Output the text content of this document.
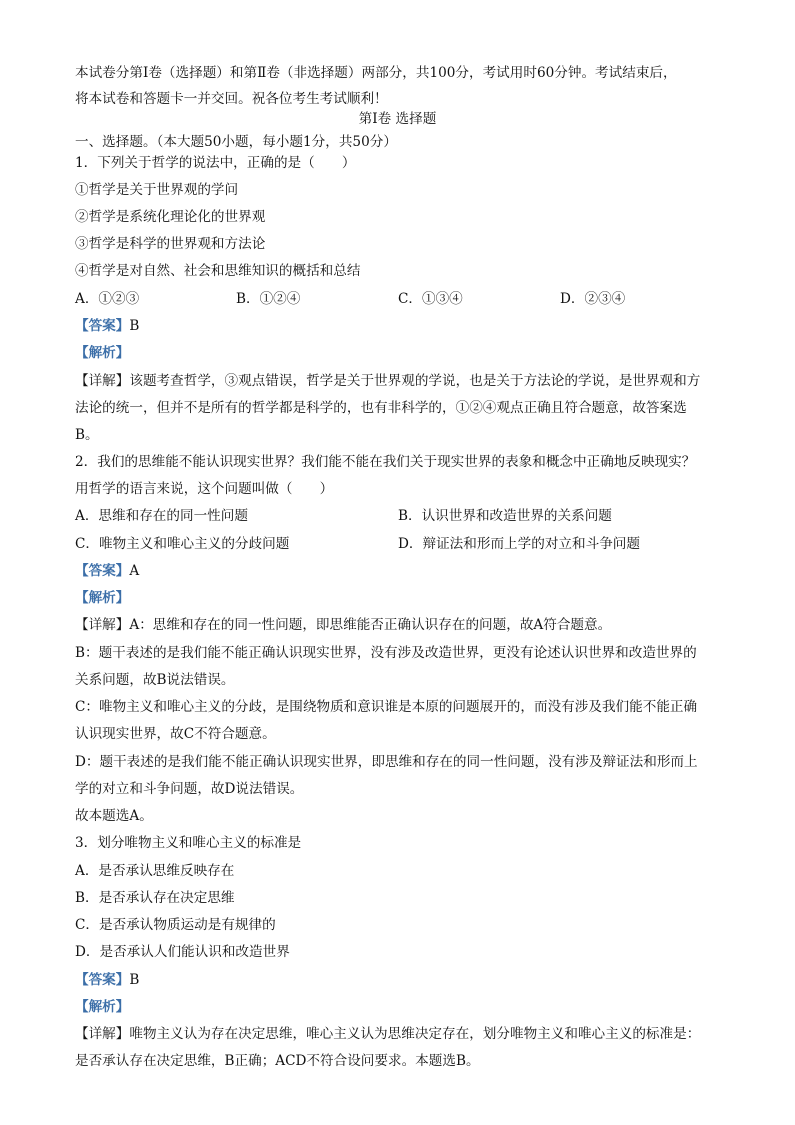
本试卷分第Ⅰ卷（选择题）和第Ⅱ卷（非选择题）两部分，共100分，考试用时60分钟。考试结束后，
将本试卷和答题卡一并交回。祝各位考生考试顺利！
第Ⅰ卷 选择题
一、选择题。（本大题50小题，每小题1分，共50分）
1．下列关于哲学的说法中，正确的是（　　）
①哲学是关于世界观的学问
②哲学是系统化理论化的世界观
③哲学是科学的世界观和方法论
④哲学是对自然、社会和思维知识的概括和总结
A．①②③	B．①②④	C．①③④	D．②③④
【答案】B
【解析】
【详解】该题考查哲学，③观点错误，哲学是关于世界观的学说，也是关于方法论的学说，是世界观和方
法论的统一，但并不是所有的哲学都是科学的，也有非科学的，①②④观点正确且符合题意，故答案选
B。
2．我们的思维能不能认识现实世界？我们能不能在我们关于现实世界的表象和概念中正确地反映现实？
用哲学的语言来说，这个问题叫做（　　）
A．思维和存在的同一性问题	B．认识世界和改造世界的关系问题
C．唯物主义和唯心主义的分歧问题	D．辩证法和形而上学的对立和斗争问题
【答案】A
【解析】
【详解】A：思维和存在的同一性问题，即思维能否正确认识存在的问题，故A符合题意。
B：题干表述的是我们能不能正确认识现实世界，没有涉及改造世界，更没有论述认识世界和改造世界的
关系问题，故B说法错误。
C：唯物主义和唯心主义的分歧，是围绕物质和意识谁是本原的问题展开的，而没有涉及我们能不能正确
认识现实世界，故C不符合题意。
D：题干表述的是我们能不能正确认识现实世界，即思维和存在的同一性问题，没有涉及辩证法和形而上
学的对立和斗争问题，故D说法错误。
故本题选A。
3．划分唯物主义和唯心主义的标准是
A．是否承认思维反映存在
B．是否承认存在决定思维
C．是否承认物质运动是有规律的
D．是否承认人们能认识和改造世界
【答案】B
【解析】
【详解】唯物主义认为存在决定思维，唯心主义认为思维决定存在，划分唯物主义和唯心主义的标准是：
是否承认存在决定思维，B正确；ACD不符合设问要求。本题选B。
